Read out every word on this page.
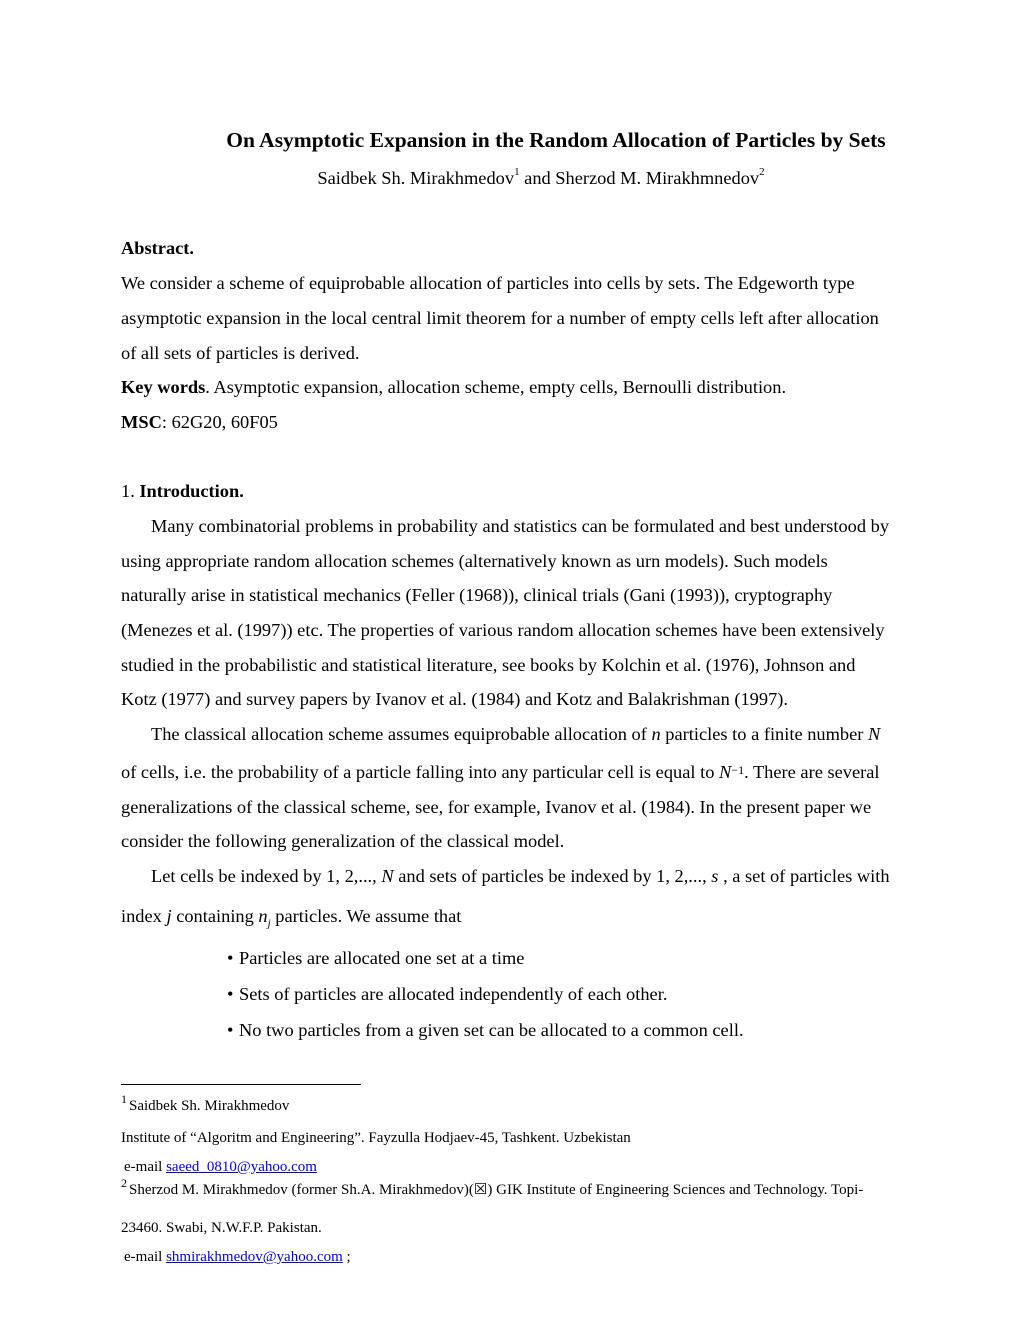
On Asymptotic Expansion in the Random Allocation of Particles by Sets
Saidbek Sh. Mirakhmedov$^1$ and Sherzod M. Mirakhmnedov$^2$
Abstract.
We consider a scheme of equiprobable allocation of particles into cells by sets. The Edgeworth type
asymptotic expansion in the local central limit theorem for a number of empty cells left after allocation
of all sets of particles is derived.
Key words. Asymptotic expansion, allocation scheme, empty cells, Bernoulli distribution.
MSC: 62G20, 60F05
1. Introduction.
Many combinatorial problems in probability and statistics can be formulated and best understood by
using appropriate random allocation schemes (alternatively known as urn models). Such models
naturally arise in statistical mechanics (Feller (1968)), clinical trials (Gani (1993)), cryptography
(Menezes et al. (1997)) etc. The properties of various random allocation schemes have been extensively
studied in the probabilistic and statistical literature, see books by Kolchin et al. (1976), Johnson and
Kotz (1977) and survey papers by Ivanov et al. (1984) and Kotz and Balakrishman (1997).
The classical allocation scheme assumes equiprobable allocation of n particles to a finite number N
of cells, i.e. the probability of a particle falling into any particular cell is equal to $N^{-1}$. There are several
generalizations of the classical scheme, see, for example, Ivanov et al. (1984). In the present paper we
consider the following generalization of the classical model.
Let cells be indexed by 1, 2,..., N and sets of particles be indexed by 1, 2,..., s , a set of particles with
index j containing $n_j$ particles. We assume that
• Particles are allocated one set at a time
• Sets of particles are allocated independently of each other.
• No two particles from a given set can be allocated to a common cell.
$^1$ Saidbek Sh. Mirakhmedov
Institute of “Algoritm and Engineering”. Fayzulla Hodjaev-45, Tashkent. Uzbekistan
e-mail saeed_0810@yahoo.com
$^2$ Sherzod M. Mirakhmedov (former Sh.A. Mirakhmedov)(☒) GIK Institute of Engineering Sciences and Technology. Topi-
23460. Swabi, N.W.F.P. Pakistan.
e-mail shmirakhmedov@yahoo.com ;
